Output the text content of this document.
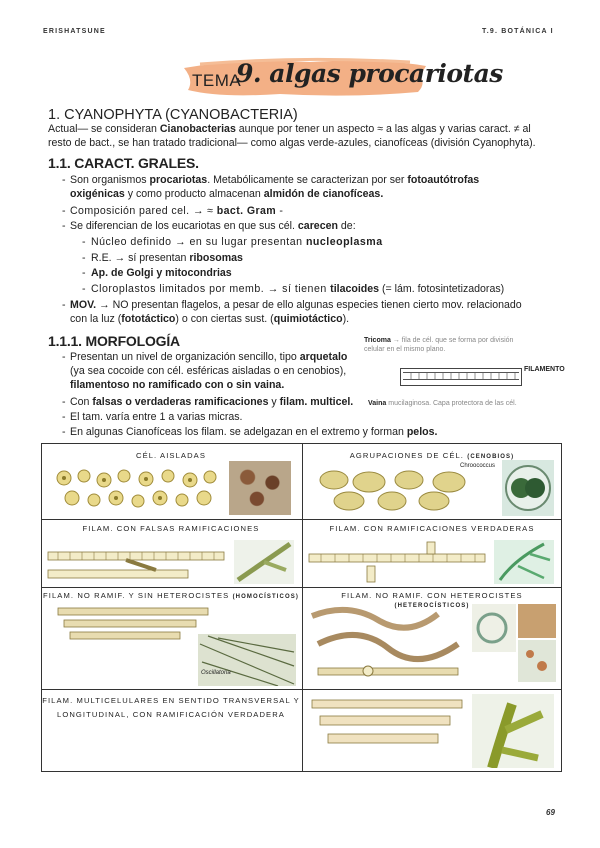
ERISHATSUNE	T.9. BOTÁNICA I
TEMA
9. algas procariotas
1. CYANOPHYTA (CYANOBACTERIA)
Actual— se consideran Cianobacterias aunque por tener un aspecto ≈ a las algas y varias caract. ≠ al
resto de bact., se han tratado tradicional— como algas verde-azules, cianofíceas (división Cyanophyta).
1.1. CARACT. GRALES.
- Son organismos procariotas. Metabólicamente se caracterizan por ser fotoautótrofas
oxigénicas y como producto almacenan almidón de cianofíceas.
- Composición pared cel. → ≈ bact. Gram -
- Se diferencian de los eucariotas en que sus cél. carecen de:
- Núcleo definido → en su lugar presentan nucleoplasma
- R.E. → sí presentan ribosomas
- Ap. de Golgi y mitocondrias
- Cloroplastos limitados por memb. → sí tienen tilacoides (= lám. fotosintetizadoras)
- MOV. → NO presentan flagelos, a pesar de ello algunas especies tienen cierto mov. relacionado
con la luz (fototáctico) o con ciertas sust. (quimiotáctico).
1.1.1. MORFOLOGÍA
- Presentan un nivel de organización sencillo, tipo arquetalo
(ya sea cocoide con cél. esféricas aisladas o en cenobios),
filamentoso no ramificado con o sin vaina.
- Con falsas o verdaderas ramificaciones y filam. multicel.
- El tam. varía entre 1 a varias micras.
- En algunas Cianofíceas los filam. se adelgazan en el extremo y forman pelos.
Tricoma → fila de cél. que se forma por división
celular en el mismo plano.
FILAMENTO
Vaina mucilaginosa. Capa protectora de las cél.
CÉL. AISLADAS	AGRUPACIONES DE CÉL. (CENOBIOS)
Chroococcus
FILAM. CON FALSAS RAMIFICACIONES	FILAM. CON RAMIFICACIONES VERDADERAS
FILAM. NO RAMIF. Y SIN HETEROCISTES (HOMOCÍSTICOS)	FILAM. NO RAMIF. CON HETEROCISTES (HETEROCÍSTICOS)
Oscillatoria
FILAM. MULTICELULARES EN SENTIDO TRANSVERSAL Y
LONGITUDINAL, CON RAMIFICACIÓN VERDADERA
69
